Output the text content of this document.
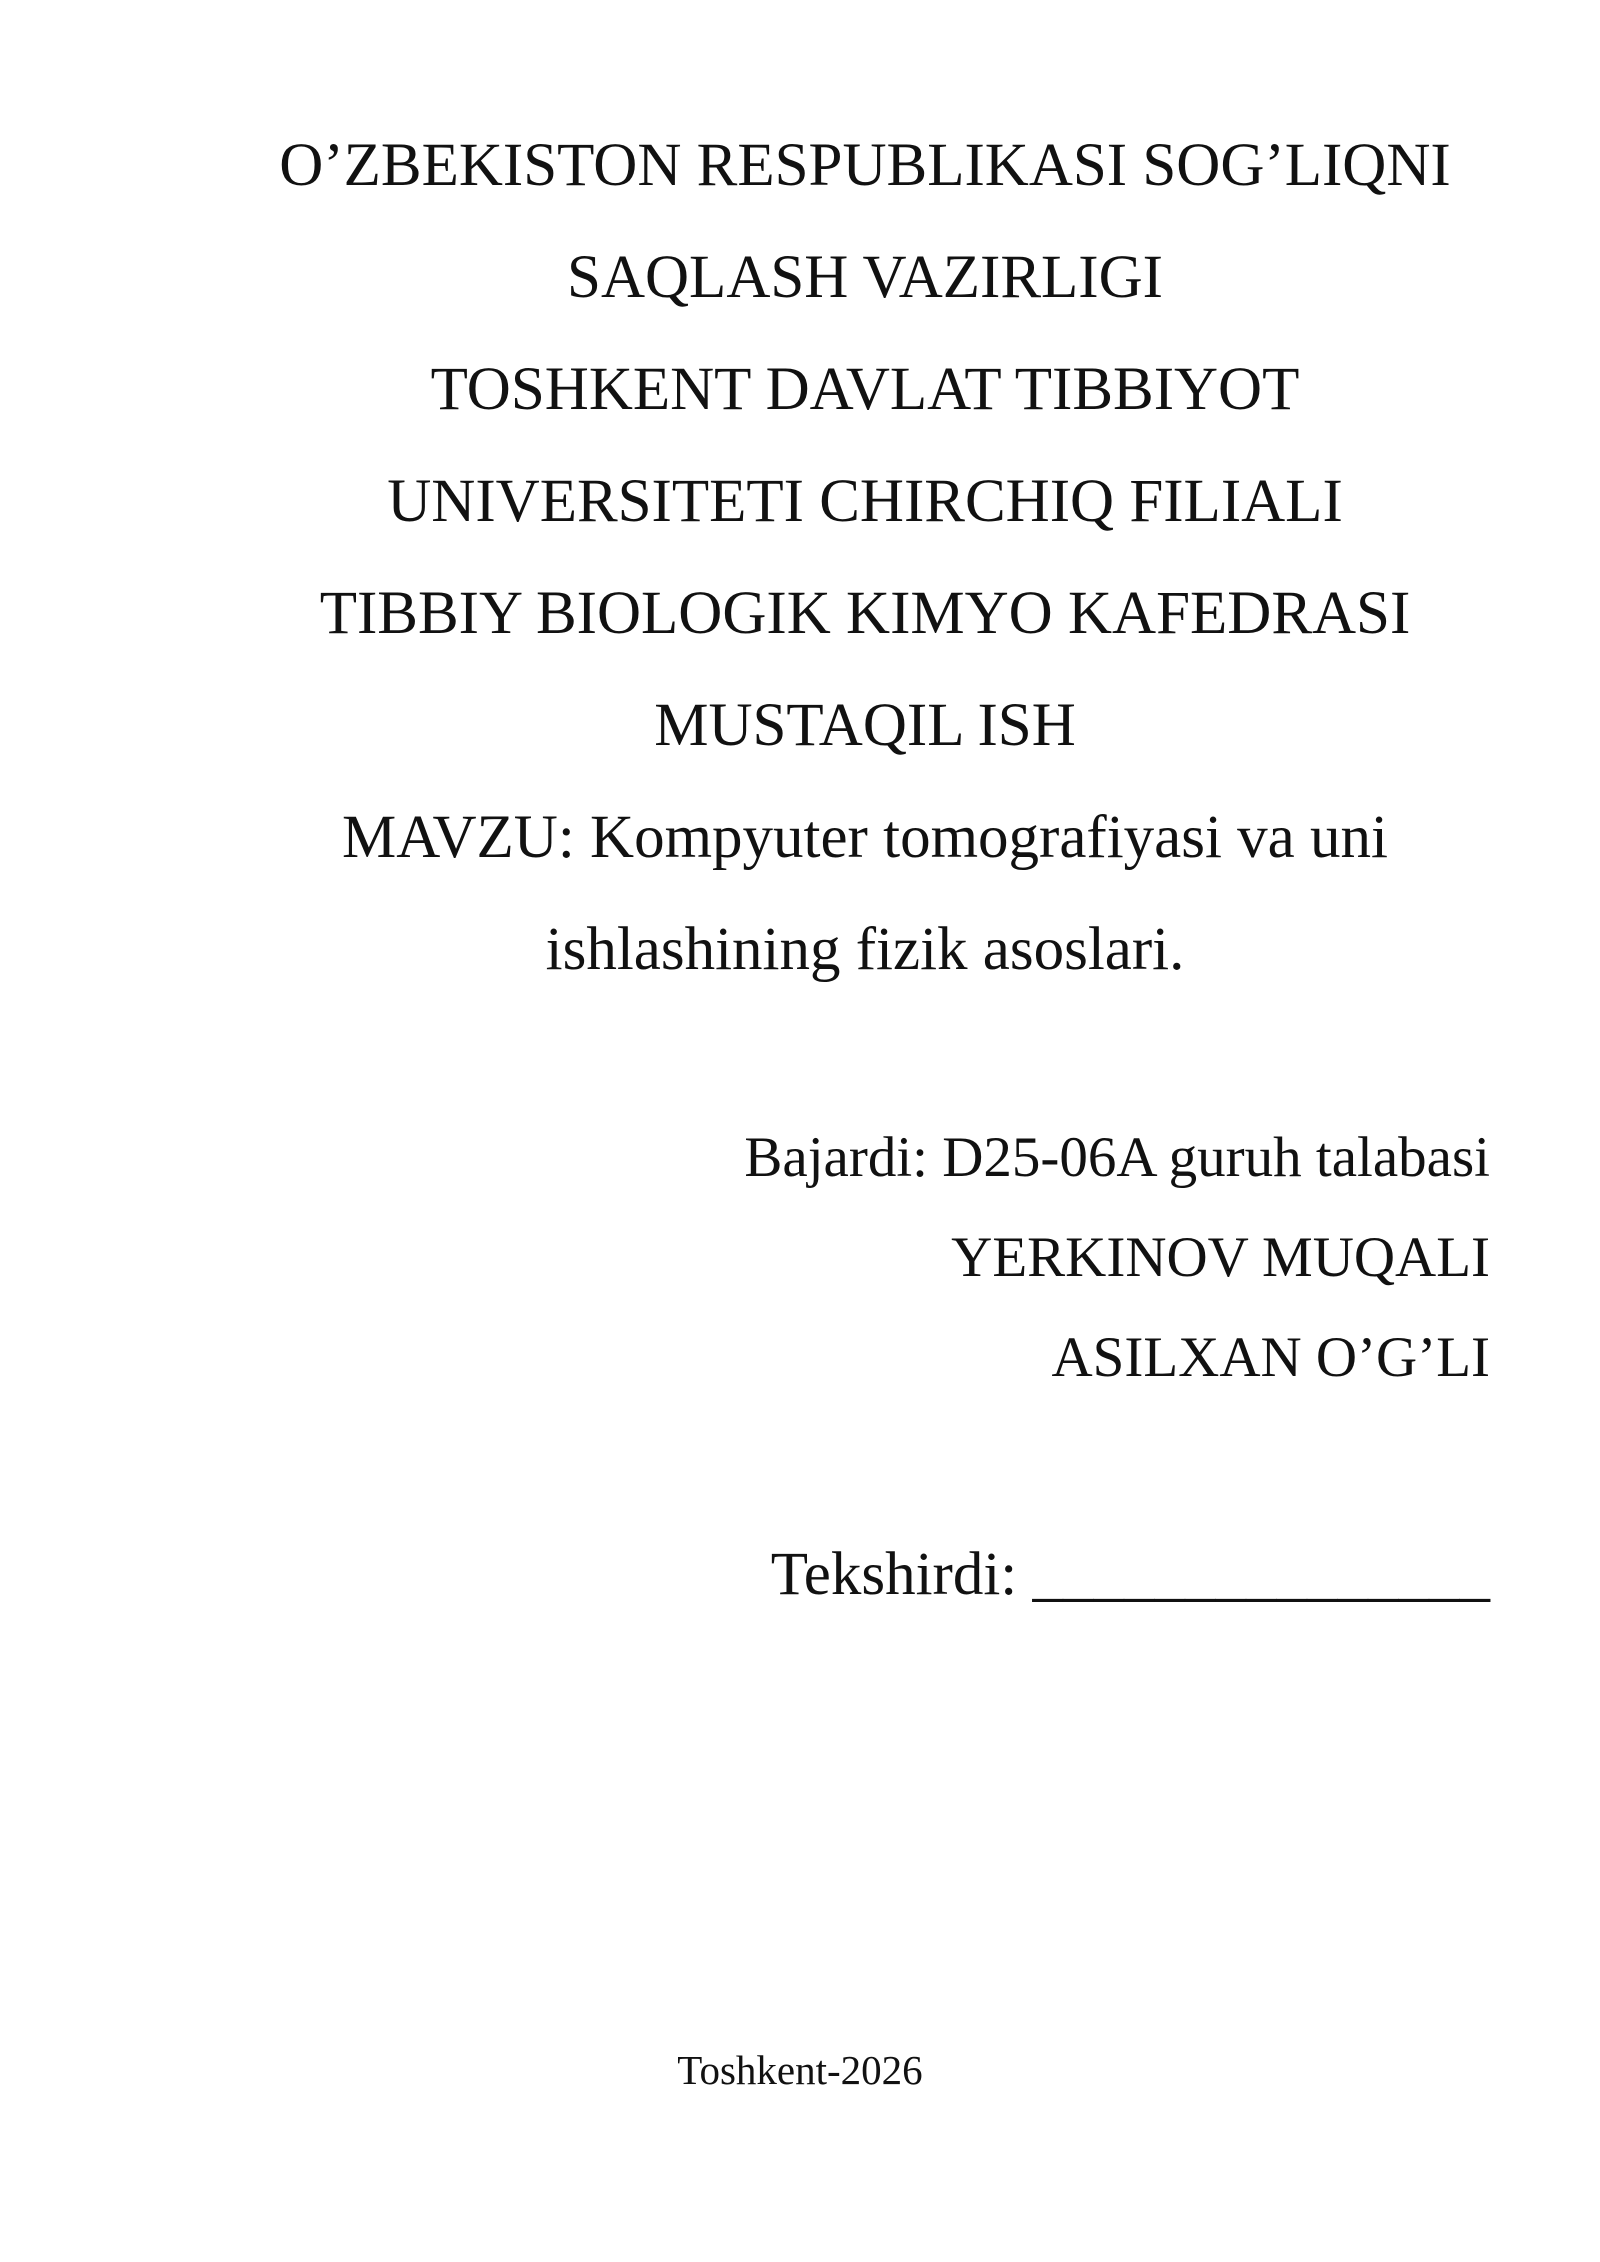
O’ZBEKISTON RESPUBLIKASI SOG’LIQNI
SAQLASH VAZIRLIGI
TOSHKENT DAVLAT TIBBIYOT
UNIVERSITETI CHIRCHIQ FILIALI
TIBBIY BIOLOGIK KIMYO KAFEDRASI
MUSTAQIL ISH
MAVZU: Kompyuter tomografiyasi va uni
ishlashining fizik asoslari.
Bajardi: D25-06A guruh talabasi
YERKINOV MUQALI
ASILXAN O’G’LI
Tekshirdi: _______________
Toshkent-2026
